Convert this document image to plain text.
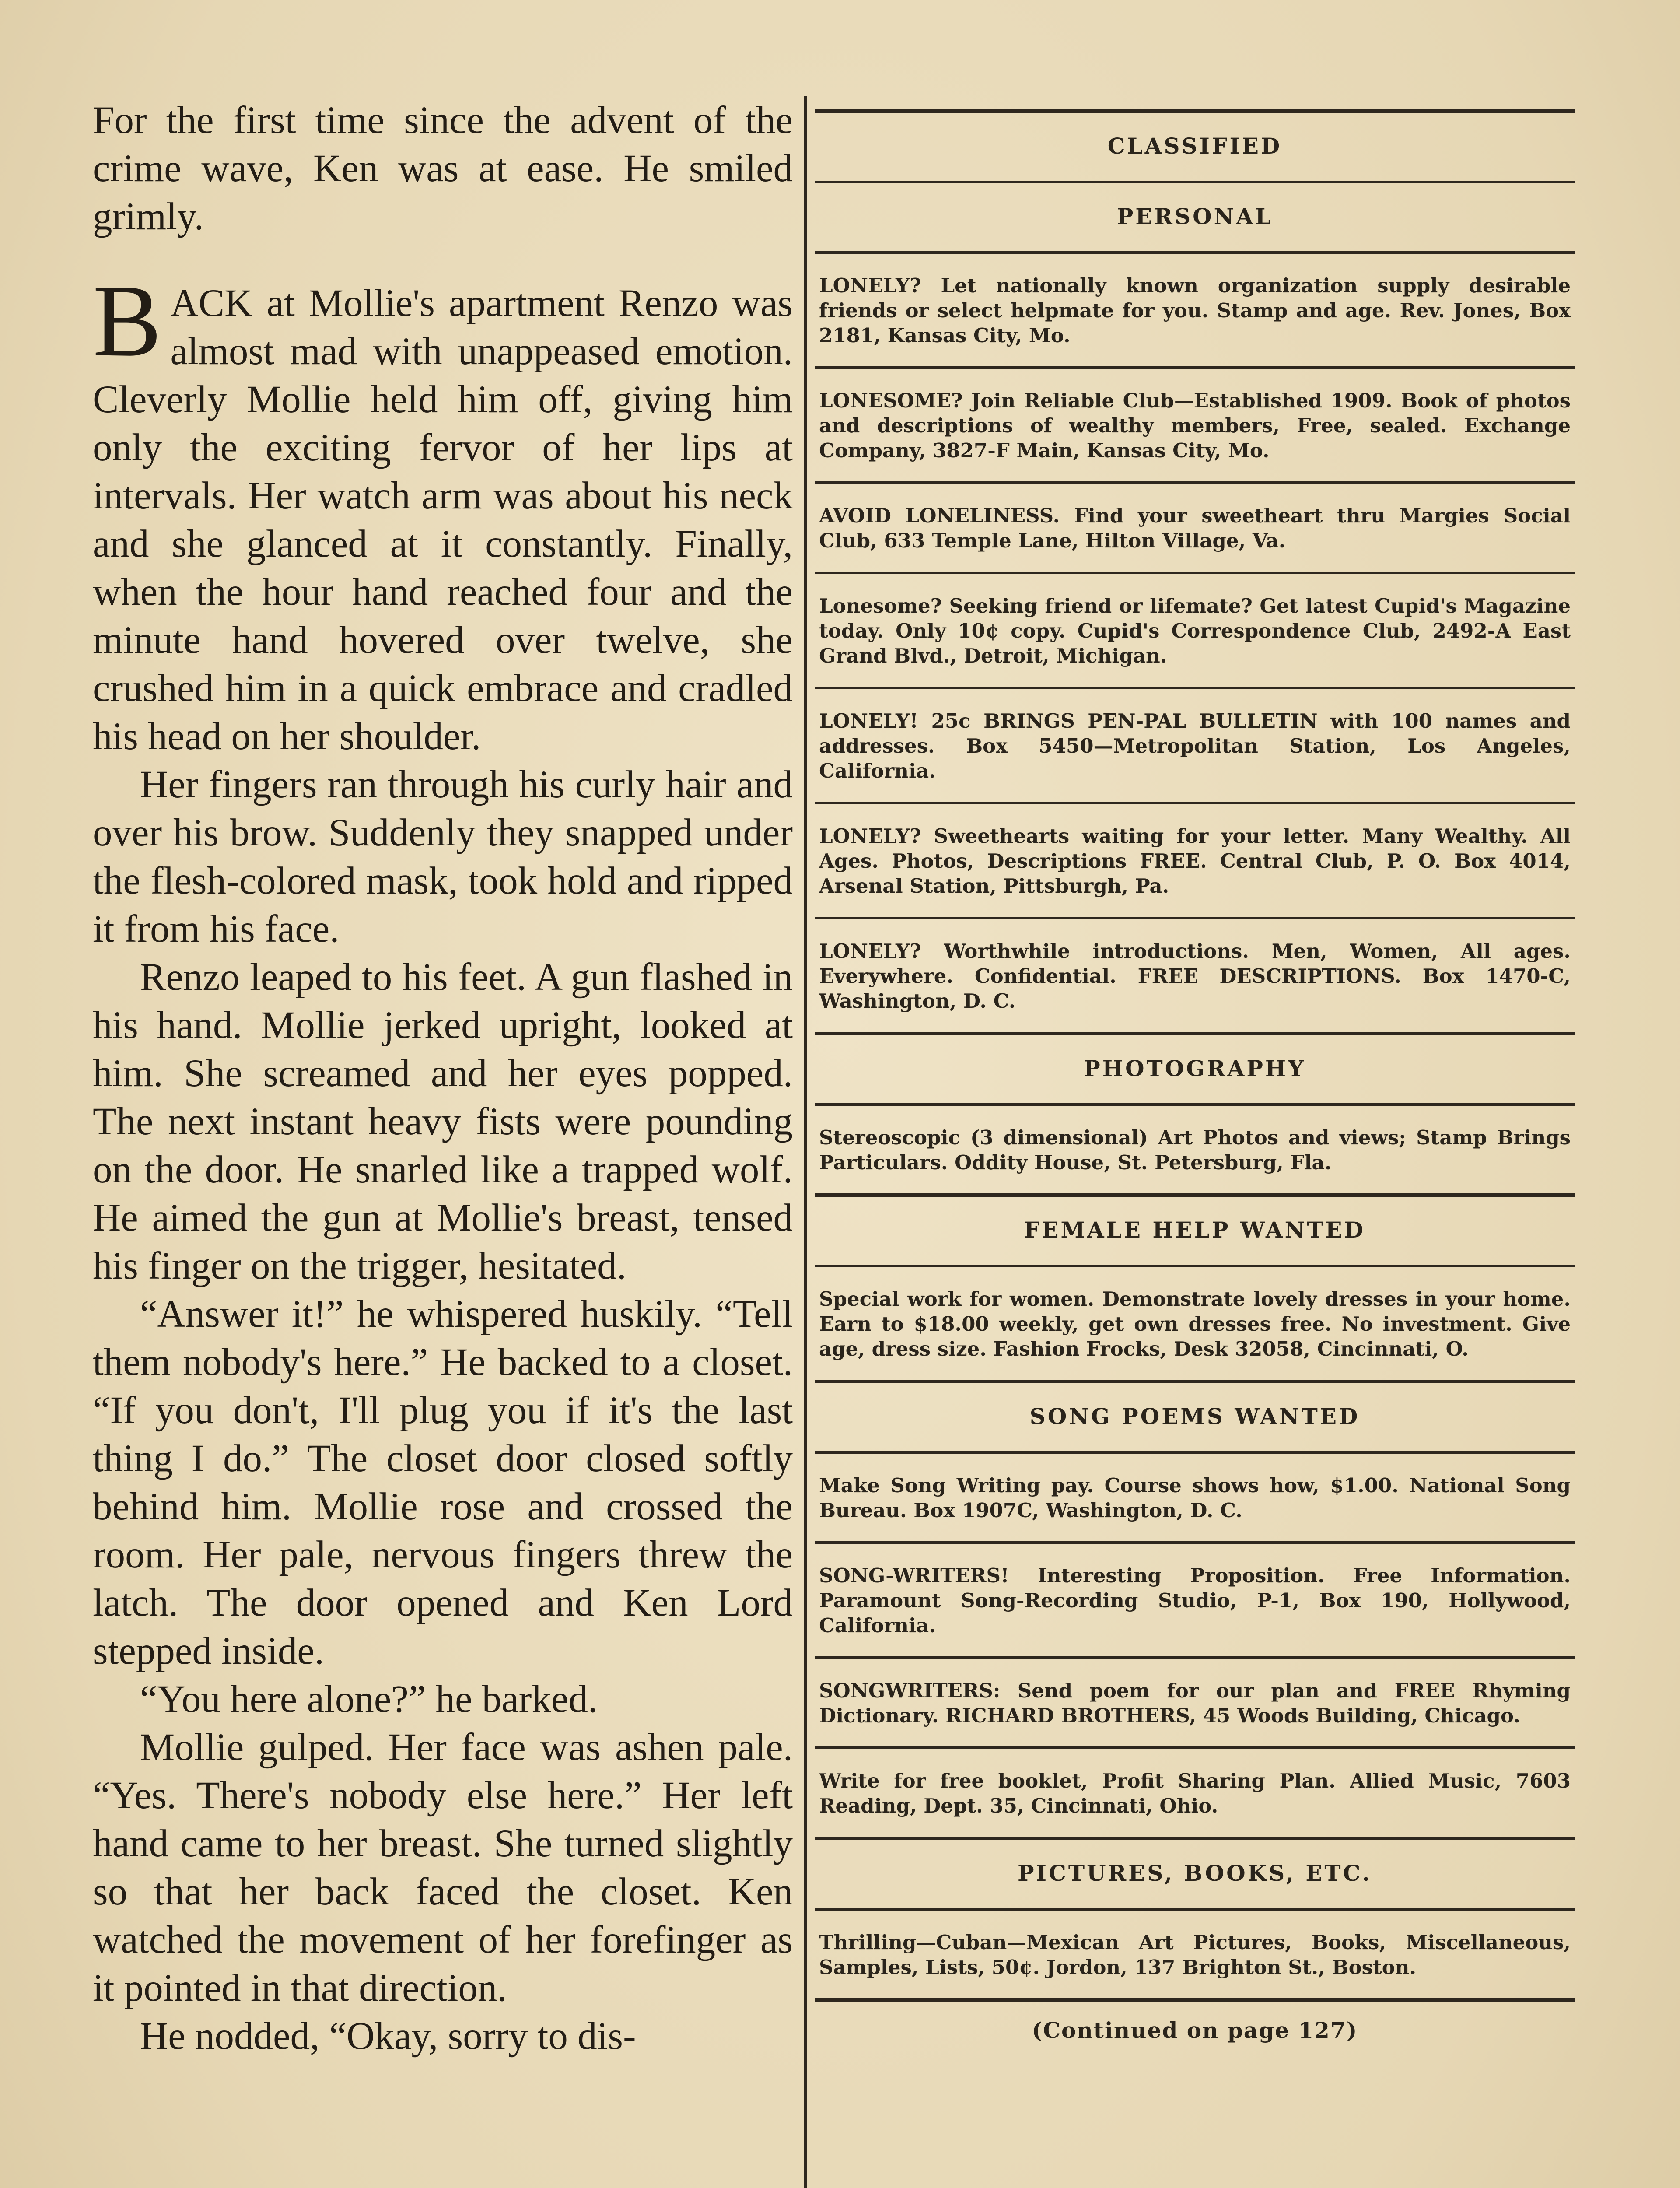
For the first time since the advent of the crime wave, Ken was at ease. He smiled grimly.

BACK at Mollie's apartment Renzo was almost mad with unappeased emotion. Cleverly Mollie held him off, giving him only the exciting fervor of her lips at intervals. Her watch arm was about his neck and she glanced at it constantly. Finally, when the hour hand reached four and the minute hand hovered over twelve, she crushed him in a quick embrace and cradled his head on her shoulder.

Her fingers ran through his curly hair and over his brow. Suddenly they snapped under the flesh-colored mask, took hold and ripped it from his face.

Renzo leaped to his feet. A gun flashed in his hand. Mollie jerked upright, looked at him. She screamed and her eyes popped. The next instant heavy fists were pounding on the door. He snarled like a trapped wolf. He aimed the gun at Mollie's breast, tensed his finger on the trigger, hesitated.

“Answer it!” he whispered huskily. “Tell them nobody's here.” He backed to a closet. “If you don't, I'll plug you if it's the last thing I do.” The closet door closed softly behind him. Mollie rose and crossed the room. Her pale, nervous fingers threw the latch. The door opened and Ken Lord stepped inside.

“You here alone?” he barked.

Mollie gulped. Her face was ashen pale. “Yes. There's nobody else here.” Her left hand came to her breast. She turned slightly so that her back faced the closet. Ken watched the movement of her forefinger as it pointed in that direction.

He nodded, “Okay, sorry to dis-

CLASSIFIED
PERSONAL
LONELY? Let nationally known organization supply desirable friends or select helpmate for you. Stamp and age. Rev. Jones, Box 2181, Kansas City, Mo.
LONESOME? Join Reliable Club—Established 1909. Book of photos and descriptions of wealthy members, Free, sealed. Exchange Company, 3827-F Main, Kansas City, Mo.
AVOID LONELINESS. Find your sweetheart thru Margies Social Club, 633 Temple Lane, Hilton Village, Va.
Lonesome? Seeking friend or lifemate? Get latest Cupid's Magazine today. Only 10¢ copy. Cupid's Correspondence Club, 2492-A East Grand Blvd., Detroit, Michigan.
LONELY! 25c BRINGS PEN-PAL BULLETIN with 100 names and addresses. Box 5450—Metropolitan Station, Los Angeles, California.
LONELY? Sweethearts waiting for your letter. Many Wealthy. All Ages. Photos, Descriptions FREE. Central Club, P. O. Box 4014, Arsenal Station, Pittsburgh, Pa.
LONELY? Worthwhile introductions. Men, Women, All ages. Everywhere. Confidential. FREE DESCRIPTIONS. Box 1470-C, Washington, D. C.
PHOTOGRAPHY
Stereoscopic (3 dimensional) Art Photos and views; Stamp Brings Particulars. Oddity House, St. Petersburg, Fla.
FEMALE HELP WANTED
Special work for women. Demonstrate lovely dresses in your home. Earn to $18.00 weekly, get own dresses free. No investment. Give age, dress size. Fashion Frocks, Desk 32058, Cincinnati, O.
SONG POEMS WANTED
Make Song Writing pay. Course shows how, $1.00. National Song Bureau. Box 1907C, Washington, D. C.
SONG-WRITERS! Interesting Proposition. Free Information. Paramount Song-Recording Studio, P-1, Box 190, Hollywood, California.
SONGWRITERS: Send poem for our plan and FREE Rhyming Dictionary. RICHARD BROTHERS, 45 Woods Building, Chicago.
Write for free booklet, Profit Sharing Plan. Allied Music, 7603 Reading, Dept. 35, Cincinnati, Ohio.
PICTURES, BOOKS, ETC.
Thrilling—Cuban—Mexican Art Pictures, Books, Miscellaneous, Samples, Lists, 50¢. Jordon, 137 Brighton St., Boston.
(Continued on page 127)
